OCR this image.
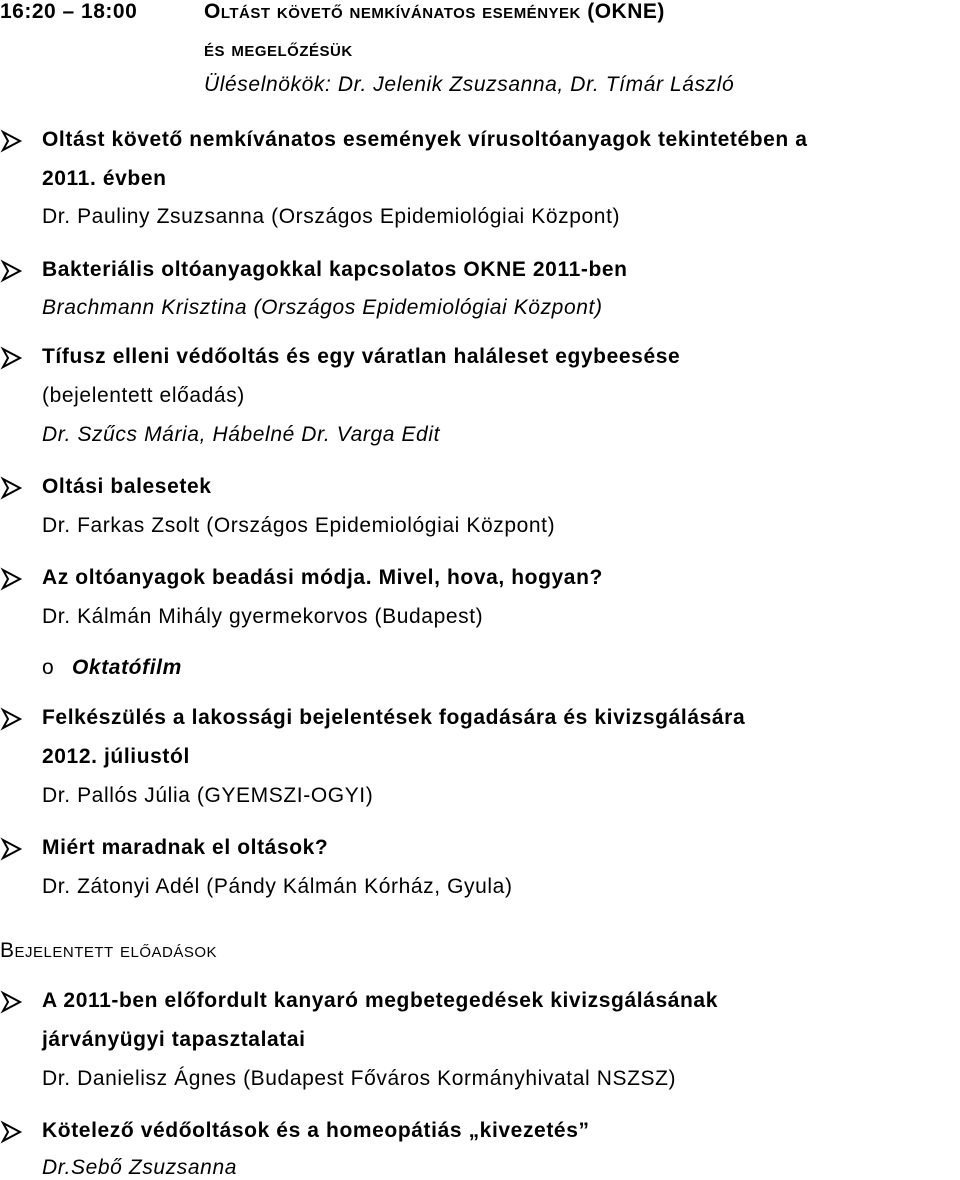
16:20 – 18:00	Oltást követő nemkívánatos események (OKNE)
és megelőzésük
Üléselnökök: Dr. Jelenik Zsuzsanna, Dr. Tímár László
Oltást követő nemkívánatos események vírusoltóanyagok tekintetében a
2011. évben
Dr. Pauliny Zsuzsanna (Országos Epidemiológiai Központ)
Bakteriális oltóanyagokkal kapcsolatos OKNE 2011-ben
Brachmann Krisztina (Országos Epidemiológiai Központ)
Tífusz elleni védőoltás és egy váratlan haláleset egybeesése
(bejelentett előadás)
Dr. Szűcs Mária, Hábelné Dr. Varga Edit
Oltási balesetek
Dr. Farkas Zsolt (Országos Epidemiológiai Központ)
Az oltóanyagok beadási módja. Mivel, hova, hogyan?
Dr. Kálmán Mihály gyermekorvos (Budapest)
o Oktatófilm
Felkészülés a lakossági bejelentések fogadására és kivizsgálására
2012. júliustól
Dr. Pallós Júlia (GYEMSZI-OGYI)
Miért maradnak el oltások?
Dr. Zátonyi Adél (Pándy Kálmán Kórház, Gyula)
Bejelentett előadások
A 2011-ben előfordult kanyaró megbetegedések kivizsgálásának
járványügyi tapasztalatai
Dr. Danielisz Ágnes (Budapest Főváros Kormányhivatal NSZSZ)
Kötelező védőoltások és a homeopátiás „kivezetés”
Dr.Sebő Zsuzsanna
